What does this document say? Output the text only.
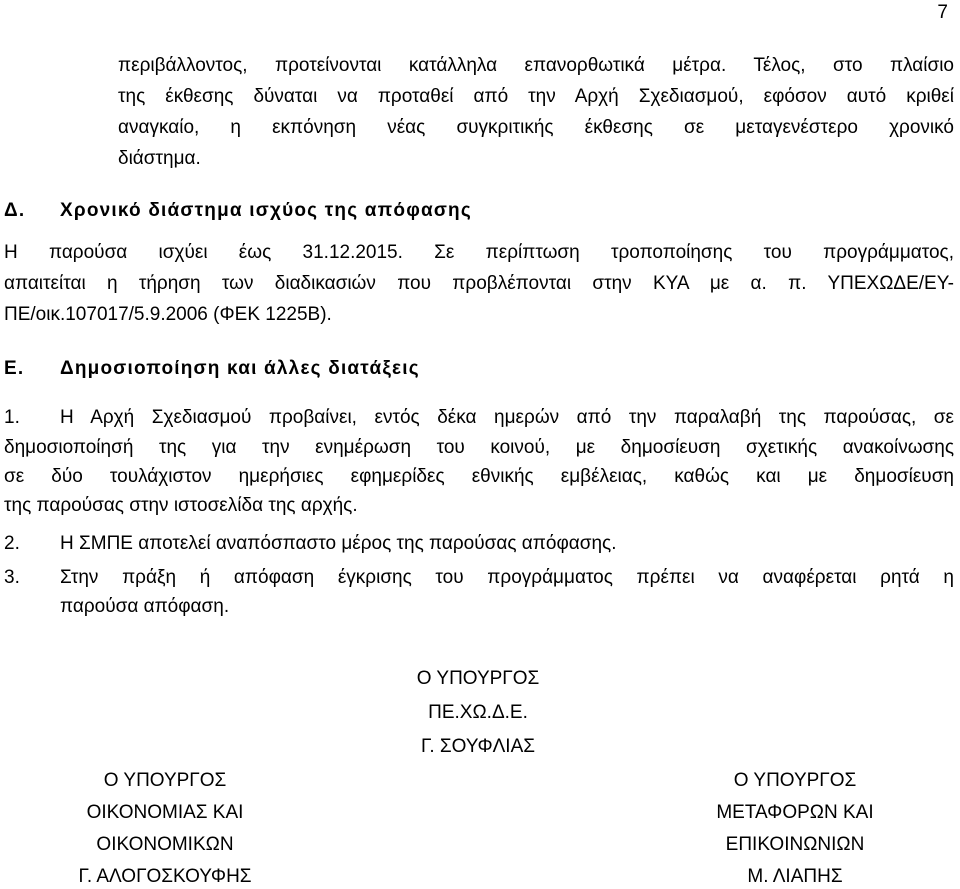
7
περιβάλλοντος, προτείνονται κατάλληλα επανορθωτικά μέτρα. Τέλος, στο πλαίσιο
της έκθεσης δύναται να προταθεί από την Αρχή Σχεδιασμού, εφόσον αυτό κριθεί
αναγκαίο, η εκπόνηση νέας συγκριτικής έκθεσης σε μεταγενέστερο χρονικό
διάστημα.
Δ. Χρονικό διάστημα ισχύος της απόφασης
Η παρούσα ισχύει έως 31.12.2015. Σε περίπτωση τροποποίησης του προγράμματος,
απαιτείται η τήρηση των διαδικασιών που προβλέπονται στην ΚΥΑ με α. π. ΥΠΕΧΩΔΕ/ΕΥ-
ΠΕ/οικ.107017/5.9.2006 (ΦΕΚ 1225Β).
Ε. Δημοσιοποίηση και άλλες διατάξεις
1. Η Αρχή Σχεδιασμού προβαίνει, εντός δέκα ημερών από την παραλαβή της παρούσας, σε
δημοσιοποίησή της για την ενημέρωση του κοινού, με δημοσίευση σχετικής ανακοίνωσης
σε δύο τουλάχιστον ημερήσιες εφημερίδες εθνικής εμβέλειας, καθώς και με δημοσίευση
της παρούσας στην ιστοσελίδα της αρχής.
2. Η ΣΜΠΕ αποτελεί αναπόσπαστο μέρος της παρούσας απόφασης.
3. Στην πράξη ή απόφαση έγκρισης του προγράμματος πρέπει να αναφέρεται ρητά η
παρούσα απόφαση.
Ο ΥΠΟΥΡΓΟΣ
ΠΕ.ΧΩ.Δ.Ε.
Γ. ΣΟΥΦΛΙΑΣ
Ο ΥΠΟΥΡΓΟΣ
ΟΙΚΟΝΟΜΙΑΣ ΚΑΙ
ΟΙΚΟΝΟΜΙΚΩΝ
Γ. ΑΛΟΓΟΣΚΟΥΦΗΣ
Ο ΥΠΟΥΡΓΟΣ
ΜΕΤΑΦΟΡΩΝ ΚΑΙ
ΕΠΙΚΟΙΝΩΝΙΩΝ
Μ. ΛΙΑΠΗΣ
